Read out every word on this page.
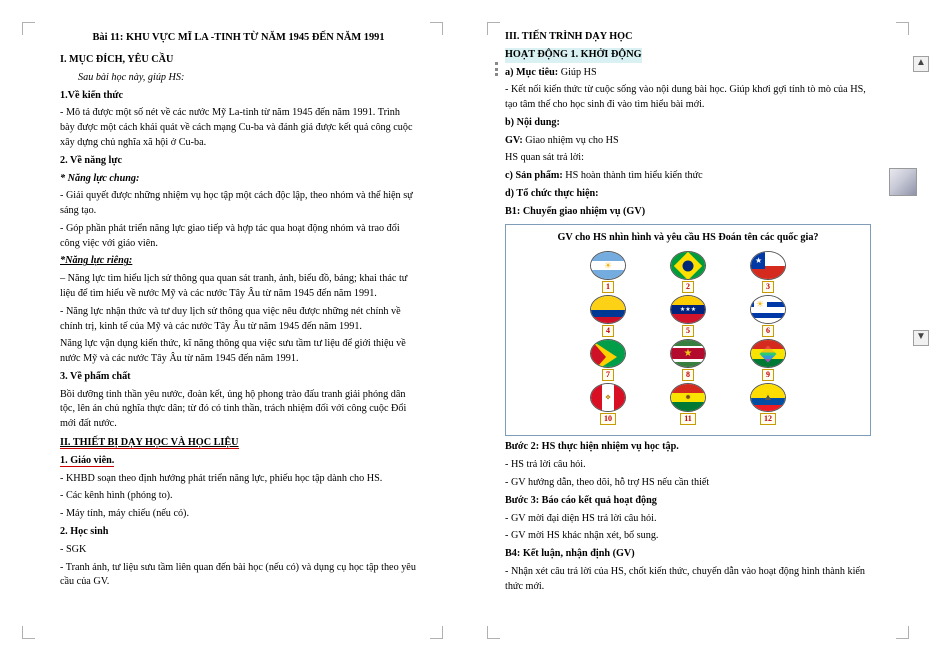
Bài 11: KHU VỰC MĨ LA -TINH TỪ NĂM 1945 ĐẾN NĂM 1991

I. MỤC ĐÍCH, YÊU CẦU

Sau bài học này, giúp HS:

1.Về kiến thức

- Mô tả được một số nét về các nước Mỹ La-tinh từ năm 1945 đến năm 1991. Trình bày được một cách khái quát về cách mạng Cu-ba và đánh giá được kết quả công cuộc xây dựng chủ nghĩa xã hội ở Cu-ba.

2. Về năng lực

* Năng lực chung:

- Giải quyết được những nhiệm vụ học tập một cách độc lập, theo nhóm và thể hiện sự sáng tạo.

- Góp phần phát triển năng lực giao tiếp và hợp tác qua hoạt động nhóm và trao đổi công việc với giáo viên.

*Năng lực riêng:

– Năng lực tìm hiểu lịch sử thông qua quan sát tranh, ảnh, biểu đồ, bảng; khai thác tư liệu để tìm hiểu về nước Mỹ và các nước Tây Âu từ năm 1945 đến năm 1991.

- Năng lực nhận thức và tư duy lịch sử thông qua việc nêu được những nét chính về chính trị, kinh tế của Mỹ và các nước Tây Âu từ năm 1945 đến năm 1991.

Năng lực vận dụng kiến thức, kĩ năng thông qua việc sưu tầm tư liệu để giới thiệu về nước Mỹ và các nước Tây Âu từ năm 1945 đến năm 1991.

3. Về phẩm chất

Bồi dưỡng tinh thần yêu nước, đoàn kết, ủng hộ phong trào đấu tranh giải phóng dân tộc, lên án chủ nghĩa thực dân; từ đó có tinh thần, trách nhiệm đối với công cuộc Đổi mới đất nước.

II. THIẾT BỊ DẠY HỌC VÀ HỌC LIỆU

1. Giáo viên.

- KHBD soạn theo định hướng phát triển năng lực, phiếu học tập dành cho HS.

- Các kênh hình (phóng to).

- Máy tính, máy chiếu (nếu có).

2. Học sinh

- SGK

- Tranh ảnh, tư liệu sưu tầm liên quan đến bài học (nếu có) và dụng cụ học tập theo yêu cầu của GV.

III. TIẾN TRÌNH DẠY HỌC

HOẠT ĐỘNG 1. KHỞI ĐỘNG

a) Mục tiêu: Giúp HS

- Kết nối kiến thức từ cuộc sống vào nội dung bài học. Giúp khơi gợi tính tò mò của HS, tạo tâm thế cho học sinh đi vào tìm hiểu bài mới.

b) Nội dung:

GV: Giao nhiệm vụ cho HS

HS quan sát trả lời:

c) Sản phẩm: HS hoàn thành tìm hiểu kiến thức

d) Tổ chức thực hiện:

B1: Chuyển giao nhiệm vụ (GV)

GV cho HS nhìn hình và yêu cầu HS Đoán tên các quốc gia?

☀
1	2
★
3
4
★★★
5
☀
6
7
★
8	9
❖
10
✹
11
⛰
12

Bước 2: HS thực hiện nhiệm vụ học tập.

- HS trả lời câu hỏi.

- GV hướng dẫn, theo dõi, hỗ trợ HS nếu cần thiết

Bước 3: Báo cáo kết quả hoạt động

- GV mời đại diện HS trả lời câu hỏi.

- GV mời HS khác nhận xét, bổ sung.

B4: Kết luận, nhận định (GV)

- Nhận xét câu trả lời của HS, chốt kiến thức, chuyển dẫn vào hoạt động hình thành kiến thức mới.

▲
▼
